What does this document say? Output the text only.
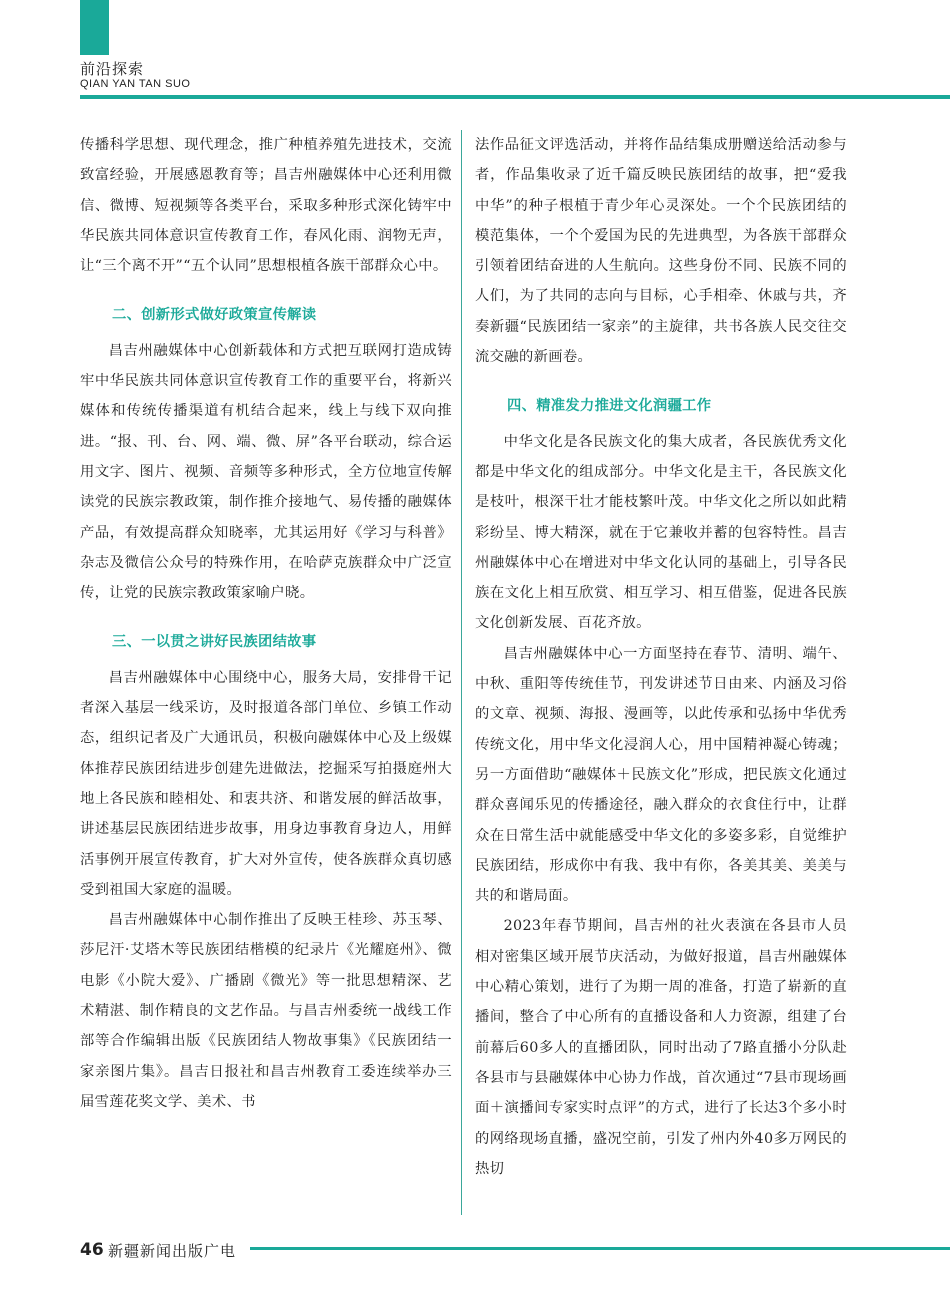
前沿探索
QIAN YAN TAN SUO

传播科学思想、现代理念，推广种植养殖先进技术，交流致富经验，开展感恩教育等；昌吉州融媒体中心还利用微信、微博、短视频等各类平台，采取多种形式深化铸牢中华民族共同体意识宣传教育工作，春风化雨、润物无声，让“三个离不开”“五个认同”思想根植各族干部群众心中。

二、创新形式做好政策宣传解读

昌吉州融媒体中心创新载体和方式把互联网打造成铸牢中华民族共同体意识宣传教育工作的重要平台，将新兴媒体和传统传播渠道有机结合起来，线上与线下双向推进。“报、刊、台、网、端、微、屏”各平台联动，综合运用文字、图片、视频、音频等多种形式，全方位地宣传解读党的民族宗教政策，制作推介接地气、易传播的融媒体产品，有效提高群众知晓率，尤其运用好《学习与科普》杂志及微信公众号的特殊作用，在哈萨克族群众中广泛宣传，让党的民族宗教政策家喻户晓。

三、一以贯之讲好民族团结故事

昌吉州融媒体中心围绕中心，服务大局，安排骨干记者深入基层一线采访，及时报道各部门单位、乡镇工作动态，组织记者及广大通讯员，积极向融媒体中心及上级媒体推荐民族团结进步创建先进做法，挖掘采写拍摄庭州大地上各民族和睦相处、和衷共济、和谐发展的鲜活故事，讲述基层民族团结进步故事，用身边事教育身边人，用鲜活事例开展宣传教育，扩大对外宣传，使各族群众真切感受到祖国大家庭的温暖。

昌吉州融媒体中心制作推出了反映王桂珍、苏玉琴、莎尼汗·艾塔木等民族团结楷模的纪录片《光耀庭州》、微电影《小院大爱》、广播剧《微光》等一批思想精深、艺术精湛、制作精良的文艺作品。与昌吉州委统一战线工作部等合作编辑出版《民族团结人物故事集》《民族团结一家亲图片集》。昌吉日报社和昌吉州教育工委连续举办三届雪莲花奖文学、美术、书

法作品征文评选活动，并将作品结集成册赠送给活动参与者，作品集收录了近千篇反映民族团结的故事，把“爱我中华”的种子根植于青少年心灵深处。一个个民族团结的模范集体，一个个爱国为民的先进典型，为各族干部群众引领着团结奋进的人生航向。这些身份不同、民族不同的人们，为了共同的志向与目标，心手相牵、休戚与共，齐奏新疆“民族团结一家亲”的主旋律，共书各族人民交往交流交融的新画卷。

四、精准发力推进文化润疆工作

中华文化是各民族文化的集大成者，各民族优秀文化都是中华文化的组成部分。中华文化是主干，各民族文化是枝叶，根深干壮才能枝繁叶茂。中华文化之所以如此精彩纷呈、博大精深，就在于它兼收并蓄的包容特性。昌吉州融媒体中心在增进对中华文化认同的基础上，引导各民族在文化上相互欣赏、相互学习、相互借鉴，促进各民族文化创新发展、百花齐放。

昌吉州融媒体中心一方面坚持在春节、清明、端午、中秋、重阳等传统佳节，刊发讲述节日由来、内涵及习俗的文章、视频、海报、漫画等，以此传承和弘扬中华优秀传统文化，用中华文化浸润人心，用中国精神凝心铸魂；另一方面借助“融媒体＋民族文化”形成，把民族文化通过群众喜闻乐见的传播途径，融入群众的衣食住行中，让群众在日常生活中就能感受中华文化的多姿多彩，自觉维护民族团结，形成你中有我、我中有你，各美其美、美美与共的和谐局面。

2023年春节期间，昌吉州的社火表演在各县市人员相对密集区域开展节庆活动，为做好报道，昌吉州融媒体中心精心策划，进行了为期一周的准备，打造了崭新的直播间，整合了中心所有的直播设备和人力资源，组建了台前幕后60多人的直播团队，同时出动了7路直播小分队赴各县市与县融媒体中心协力作战，首次通过“7县市现场画面＋演播间专家实时点评”的方式，进行了长达3个多小时的网络现场直播，盛况空前，引发了州内外40多万网民的热切

46 新疆新闻出版广电
